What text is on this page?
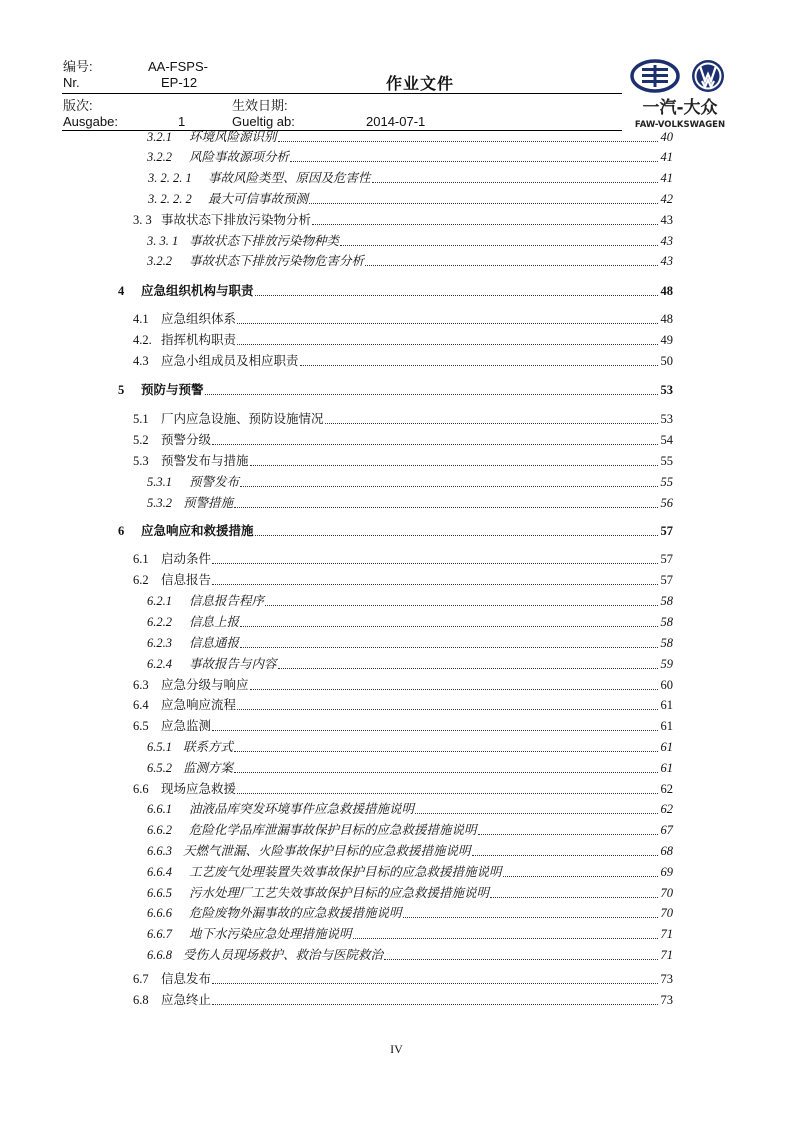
编号:
Nr.
AA-FSPS-
EP-12	作业文件
版次:
Ausgabe:	1
生效日期:
Gueltig ab:	2014-07-1
一汽-大众
FAW-VOLKSWAGEN
3.2.1	环境风险源识别	40
3.2.2	风险事故源项分析	41
3. 2. 2. 1	事故风险类型、原因及危害性	41
3. 2. 2. 2	最大可信事故预测	42
3. 3 事故状态下排放污染物分析	43
3. 3. 1 事故状态下排放污染物种类	43
3.2.2	事故状态下排放污染物危害分析	43
4	应急组织机构与职责	48
4.1 应急组织体系	48
4.2. 指挥机构职责	49
4.3 应急小组成员及相应职责	50
5	预防与预警	53
5.1 厂内应急设施、预防设施情况	53
5.2 预警分级	54
5.3 预警发布与措施	55
5.3.1	预警发布	55
5.3.2 预警措施	56
6	应急响应和救援措施	57
6.1 启动条件	57
6.2 信息报告	57
6.2.1	信息报告程序	58
6.2.2	信息上报	58
6.2.3	信息通报	58
6.2.4	事故报告与内容	59
6.3 应急分级与响应	60
6.4 应急响应流程	61
6.5 应急监测	61
6.5.1 联系方式	61
6.5.2 监测方案	61
6.6 现场应急救援	62
6.6.1	油液品库突发环境事件应急救援措施说明	62
6.6.2	危险化学品库泄漏事故保护目标的应急救援措施说明	67
6.6.3 天燃气泄漏、火险事故保护目标的应急救援措施说明	68
6.6.4	工艺废气处理装置失效事故保护目标的应急救援措施说明	69
6.6.5	污水处理厂工艺失效事故保护目标的应急救援措施说明	70
6.6.6	危险废物外漏事故的应急救援措施说明	70
6.6.7	地下水污染应急处理措施说明	71
6.6.8 受伤人员现场救护、救治与医院救治	71
6.7 信息发布	73
6.8 应急终止	73
IV
